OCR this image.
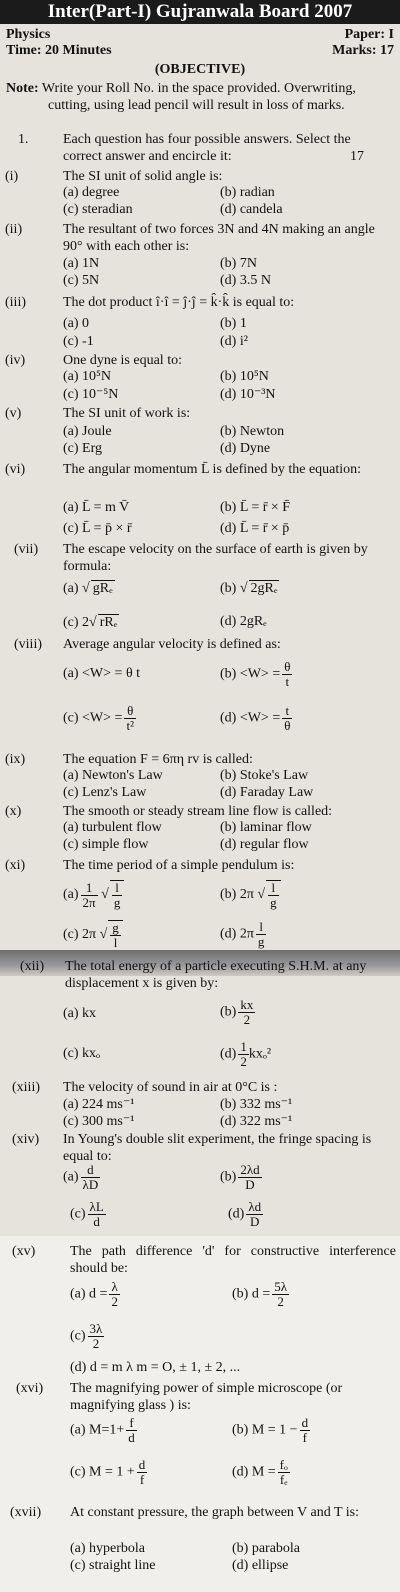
Inter(Part-I) Gujranwala Board 2007
Physics	Paper: I
Time: 20 Minutes	Marks: 17
(OBJECTIVE)
Note: Write your Roll No. in the space provided. Overwriting, cutting, using lead pencil will result in loss of marks.
1. Each question has four possible answers. Select the correct answer and encircle it:	17
(i)	The SI unit of solid angle is:
(a) degree	(b) radian
(c) steradian	(d) candela
(ii)	The resultant of two forces 3N and 4N making an angle 90° with each other is:
(a) 1N	(b) 7N
(c) 5N	(d) 3.5 N
(iii)	The dot product î·î = ĵ·ĵ = k̂·k̂ is equal to:
(a) 0	(b) 1
(c) -1	(d) i²
(iv)	One dyne is equal to:
(a) 10⁵N	(b) 10⁵N
(c) 10⁻⁵N	(d) 10⁻³N
(v)	The SI unit of work is:
(a) Joule	(b) Newton
(c) Erg	(d) Dyne
(vi)	The angular momentum L̄ is defined by the equation:
(a) L̄ = m V̄	(b) L̄ = r̄ × F̄
(c) L̄ = p̄ × r̄	(d) L̄ = r̄ × p̄
(vii) The escape velocity on the surface of earth is given by formula:
(a) √ gRₑ	(b) √ 2gRₑ
(c) 2√ rRₑ	(d) 2gRₑ
(viii) Average angular velocity is defined as:
(a) <W> = θ t	$(b) <W> = \frac{\theta}{t}$
$(c) <W> = \frac{\theta}{\text{t²}}$	$(d) <W> = \frac{t}{\theta}$
(ix)	The equation F = 6πη rv is called:
(a) Newton's Law	(b) Stoke's Law
(c) Lenz's Law	(d) Faraday Law
(x)	The smooth or steady stream line flow is called:
(a) turbulent flow	(b) laminar flow
(c) simple flow	(d) regular flow
(xi)	The time period of a simple pendulum is:
$(a) \frac{1}{2\pi}$ √ $\frac{l}{g}$	(b) 2π √ $\frac{l}{g}$
(c) 2π √ $\frac{g}{l}$	(d) $2\pi \frac{l}{g}$
(xii) The total energy of a particle executing S.H.M. at any displacement x is given by:
(a) kx	$(b) \frac{kx}{2}$
(c) kxₒ	$(d) \frac{1}{2} kx_o^2$
(xiii) The velocity of sound in air at 0°C is :
(a) 224 ms⁻¹	(b) 332 ms⁻¹
(c) 300 ms⁻¹	(d) 322 ms⁻¹
(xiv) In Young's double slit experiment, the fringe spacing is equal to:
$(a) \frac{d}{\lambda D}$	$(b) \frac{2\lambda d}{D}$
$(c) \frac{\lambda L}{d}$	$(d) \frac{\lambda d}{D}$
(xv) The path difference 'd' for constructive interference should be:
(a) $d = \frac{\lambda}{2}$	(b) $d = \frac{5\lambda}{2}$
$(c) \frac{3\lambda}{2}$
(d) d = m λ m = O, ± 1, ± 2, ...
(xvi) The magnifying power of simple microscope (or magnifying glass ) is:
(a) $M=1+ \frac{f}{d}$	(b) $M = 1 - \frac{d}{f}$
(c) $M = 1 + \frac{d}{f}$	(d) $M = \frac{\text{fₒ}}{\text{fₑ}}$
(xvii) At constant pressure, the graph between V and T is:
(a) hyperbola	(b) parabola
(c) straight line	(d) ellipse
